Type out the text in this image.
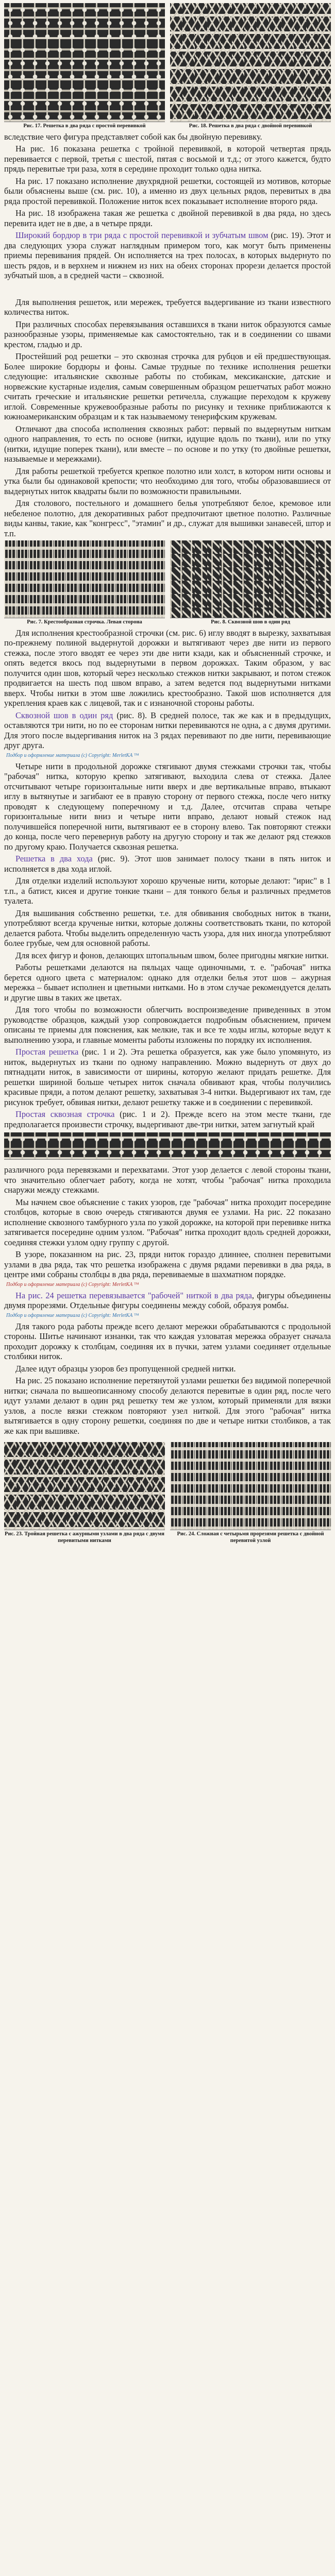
Рис. 17. Решетка в два ряда с простой перевивкой	Рис. 18. Решетка в два ряда с двойной перевивкой

вследствие чего фигура представляет собой как бы двойную перевивку.

На рис. 16 показана решетка с тройной перевивкой, в которой четвертая прядь перевивается с первой, третья с шестой, пятая с восьмой и т.д.; от этого кажется, будто прядь перевитые три раза, хотя в середине проходит только одна нитка.

На рис. 17 показано исполнение двухрядной решетки, состоящей из мотивов, которые были объяснены выше (см. рис. 10), а именно из двух цельных рядов, перевитых в два ряда простой перевивкой. Положение ниток всех показывает исполнение второго ряда.

На рис. 18 изображена такая же решетка с двойной перевивкой в два ряда, но здесь перевита идет не в две, а в четыре пряди.

Широкий бордюр в три ряда с простой перевивкой и зубчатым швом (рис. 19). Этот и два следующих узора служат наглядным примером того, как могут быть применены приемы перевивания прядей. Он исполняется на трех полосах, в которых выдернуто по шесть рядов, и в верхнем и нижнем из них на обеих сторонах прорези делается простой зубчатый шов, а в средней части – сквозной.

Для выполнения решеток, или мережек, требуется выдергивание из ткани известного количества ниток.

При различных способах перевязывания оставшихся в ткани ниток образуются самые разнообразные узоры, применяемые как самостоятельно, так и в соединении со швами крестом, гладью и др.

Простейший род решетки – это сквозная строчка для рубцов и ей предшествующая. Более широкие бордюры и фоны. Самые трудные по технике исполнения решетки следующие: итальянские сквозные работы по стобикам, мексиканские, датские и норвежские кустарные изделия, самым совершенным образцом решетчатых работ можно считать греческие и итальянские решетки ретичелла, служащие переходом к кружеву иглой. Современные кружевообразные работы по рисунку и технике приближаются к южноамериканским образцам и к так называемому тенерифским кружевам.

Отличают два способа исполнения сквозных работ: первый по выдернутым ниткам одного направления, то есть по основе (нитки, идущие вдоль по ткани), или по утку (нитки, идущие поперек ткани), или вместе – по основе и по утку (то двойные решетки, называемые и мережками).

Для работы решеткой требуется крепкое полотно или холст, в котором нити основы и утка были бы одинаковой крепости; что необходимо для того, чтобы образовавшиеся от выдернутых ниток квадраты были по возможности правильными.

Для столового, постельного и домашнего белья употребляют белое, кремовое или небеленое полотно, для декоративных работ предпочитают цветное полотно. Различные виды канвы, такие, как "конгресс", "этамин" и др., служат для вышивки занавесей, штор и т.п.

Рис. 7. Крестообразная строчка. Левая сторона	Рис. 8. Сквозной шов в один ряд

Для исполнения крестообразной строчки (см. рис. 6) иглу вводят в вырезку, захватывая по-прежнему полиной выдернутой дорожки и вытягивают через две нити из первого стежка, после этого вводят ее через эти две нити кзади, как и объясненный строчке, и опять ведется вкось под выдернутыми в первом дорожках. Таким образом, у вас получится один шов, который через несколько стежков нитки закрывают, и потом стежок продвигается на шесть под швом вправо, а затем ведется под выдернутыми нитками вверх. Чтобы нитки в этом шве ложились крестообразно. Такой шов исполняется для укрепления краев как с лицевой, так и с изнаночной стороны работы.

Сквозной шов в один ряд (рис. 8). В средней полосе, так же как и в предыдущих, оставляются три нити, но по ее сторонам нитки перевиваются не одна, а с двумя другими. Для этого после выдергивания ниток на 3 рядах перевивают по две нити, перевивающие друг друга.

Подбор и оформление материала (c) Copyright: MerletKA ™

Четыре нити в продольной дорожке стягивают двумя стежками строчки так, чтобы "рабочая" нитка, которую крепко затягивают, выходила слева от стежка. Далее отсчитывают четыре горизонтальные нити вверх и две вертикальные вправо, втыкают иглу в вытянутые и загибают ее в правую сторону от первого стежка, после чего нитку проводят к следующему поперечному и т.д. Далее, отсчитав справа четыре горизонтальные нити вниз и четыре нити вправо, делают новый стежок над получившейся поперечной нити, вытягивают ее в сторону влево. Так повторяют стежки до конца, после чего перевернув работу на другую сторону и так же делают ряд стежков по другому краю. Получается сквозная решетка.

Решетка в два хода (рис. 9). Этот шов занимает полосу ткани в пять ниток и исполняется в два хода иглой.

Для отделки изделий используют хорошо крученые нити, которые делают: "ирис" в 1 т.п., а батист, кисея и другие тонкие ткани – для тонкого белья и различных предметов туалета.

Для вышивания собственно решетки, т.е. для обвивания свободных ниток в ткани, употребляют всегда крученые нитки, которые должны соответствовать ткани, по которой делается работа. Чтобы выделить определенную часть узора, для них иногда употребляют более грубые, чем для основной работы.

Для всех фигур и фонов, делающих штопальным швом, более пригодны мягкие нитки.

Работы решетками делаются на пяльцах чаще одиночными, т. е. "рабочая" нитка берется одного цвета с материалом: однако для отделки белья этот шов – ажурная мережка – бывает исполнен и цветными нитками. Но в этом случае рекомендуется делать и другие швы в таких же цветах.

Для того чтобы по возможности облегчить воспроизведение приведенных в этом руководстве образцов, каждый узор сопровождается подробным объяснением, причем описаны те приемы для пояснения, как мелкие, так и все те ходы иглы, которые ведут к выполнению узора, и главные моменты работы изложены по порядку их исполнения.

Простая решетка (рис. 1 и 2). Эта решетка образуется, как уже было упомянуто, из ниток, выдернутых из ткани по одному направлению. Можно выдернуть от двух до пятнадцати ниток, в зависимости от ширины, которую желают придать решетке. Для решетки шириной больше четырех ниток сначала обвивают края, чтобы получились красивые пряди, а потом делают решетку, захватывая 3-4 нитки. Выдергивают их там, где рисунок требует, обвивая нитки, делают решетку также и в соединении с перевивкой.

Простая сквозная строчка (рис. 1 и 2). Прежде всего на этом месте ткани, где предполагается произвести строчку, выдергивают две-три нитки, затем загнутый край

различного рода перевязками и перехватами. Этот узор делается с левой стороны ткани, что значительно облегчает работу, когда не хотят, чтобы "рабочая" нитка проходила снаружи между стежками.

Мы начнем свое объяснение с таких узоров, где "рабочая" нитка проходит посередине столбцов, которые в свою очередь стягиваются двумя ее узлами. На рис. 22 показано исполнение сквозного тамбурного узла по узкой дорожке, на которой при перевивке нитка затягивается посередине одним узлом. "Рабочая" нитка проходит вдоль средней дорожки, соединяя стежки узлом одну группу с другой.

В узоре, показанном на рис. 23, пряди ниток гораздо длиннее, сполнен перевитыми узлами в два ряда, так что решетка изображена с двумя рядами перевивки в два ряда, в центре ими собраны столбцы в два ряда, перевиваемые в шахматном порядке.

Подбор и оформление материала (c) Copyright: MerletKA ™

На рис. 24 решетка перевязывается "рабочей" ниткой в два ряда, фигуры объединены двумя прорезями. Отдельные фигуры соединены между собой, образуя ромбы.

Подбор и оформление материала (c) Copyright: MerletKA ™

Для такого рода работы прежде всего делают мережки обрабатываются с продольной стороны. Шитье начинают изнанки, так что каждая узловатая мережка образует сначала проходит дорожку к столбцам, соединяя их в пучки, затем узлами соединяет отдельные столбики ниток.

Далее идут образцы узоров без пропущенной средней нитки.

На рис. 25 показано исполнение перетянутой узлами решетки без видимой поперечной нитки; сначала по вышеописанному способу делаются перевитые в один ряд, после чего идут узлами делают в один ряд решетку тем же узлом, который применяли для вязки узлов, а после вязки стежком повторяют узел ниткой. Для этого "рабочая" нитка вытягивается в одну сторону решетки, соединяя по две и четыре нитки столбиков, а так же как при вышивке.

Рис. 23. Тройная решетка с ажурными узлами в два ряда с двумя перевитыми нитками
Рис. 24. Сложная с четырьмя прорезями решетка с двойной перевитой узлой
